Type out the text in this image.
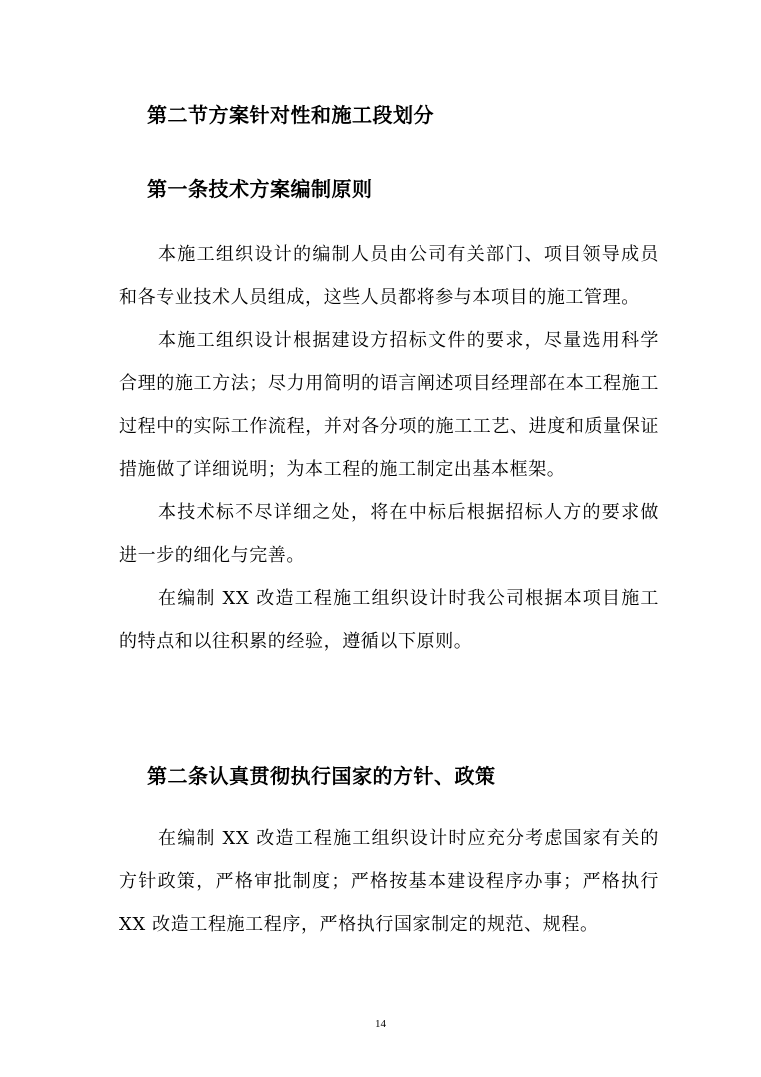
第二节方案针对性和施工段划分
第一条技术方案编制原则

本施工组织设计的编制人员由公司有关部门、项目领导成员和各专业技术人员组成，这些人员都将参与本项目的施工管理。

本施工组织设计根据建设方招标文件的要求，尽量选用科学合理的施工方法；尽力用简明的语言阐述项目经理部在本工程施工过程中的实际工作流程，并对各分项的施工工艺、进度和质量保证措施做了详细说明；为本工程的施工制定出基本框架。

本技术标不尽详细之处，将在中标后根据招标人方的要求做进一步的细化与完善。

在编制 XX 改造工程施工组织设计时我公司根据本项目施工的特点和以往积累的经验，遵循以下原则。

第二条认真贯彻执行国家的方针、政策

在编制 XX 改造工程施工组织设计时应充分考虑国家有关的方针政策，严格审批制度；严格按基本建设程序办事；严格执行 XX 改造工程施工程序，严格执行国家制定的规范、规程。

14
